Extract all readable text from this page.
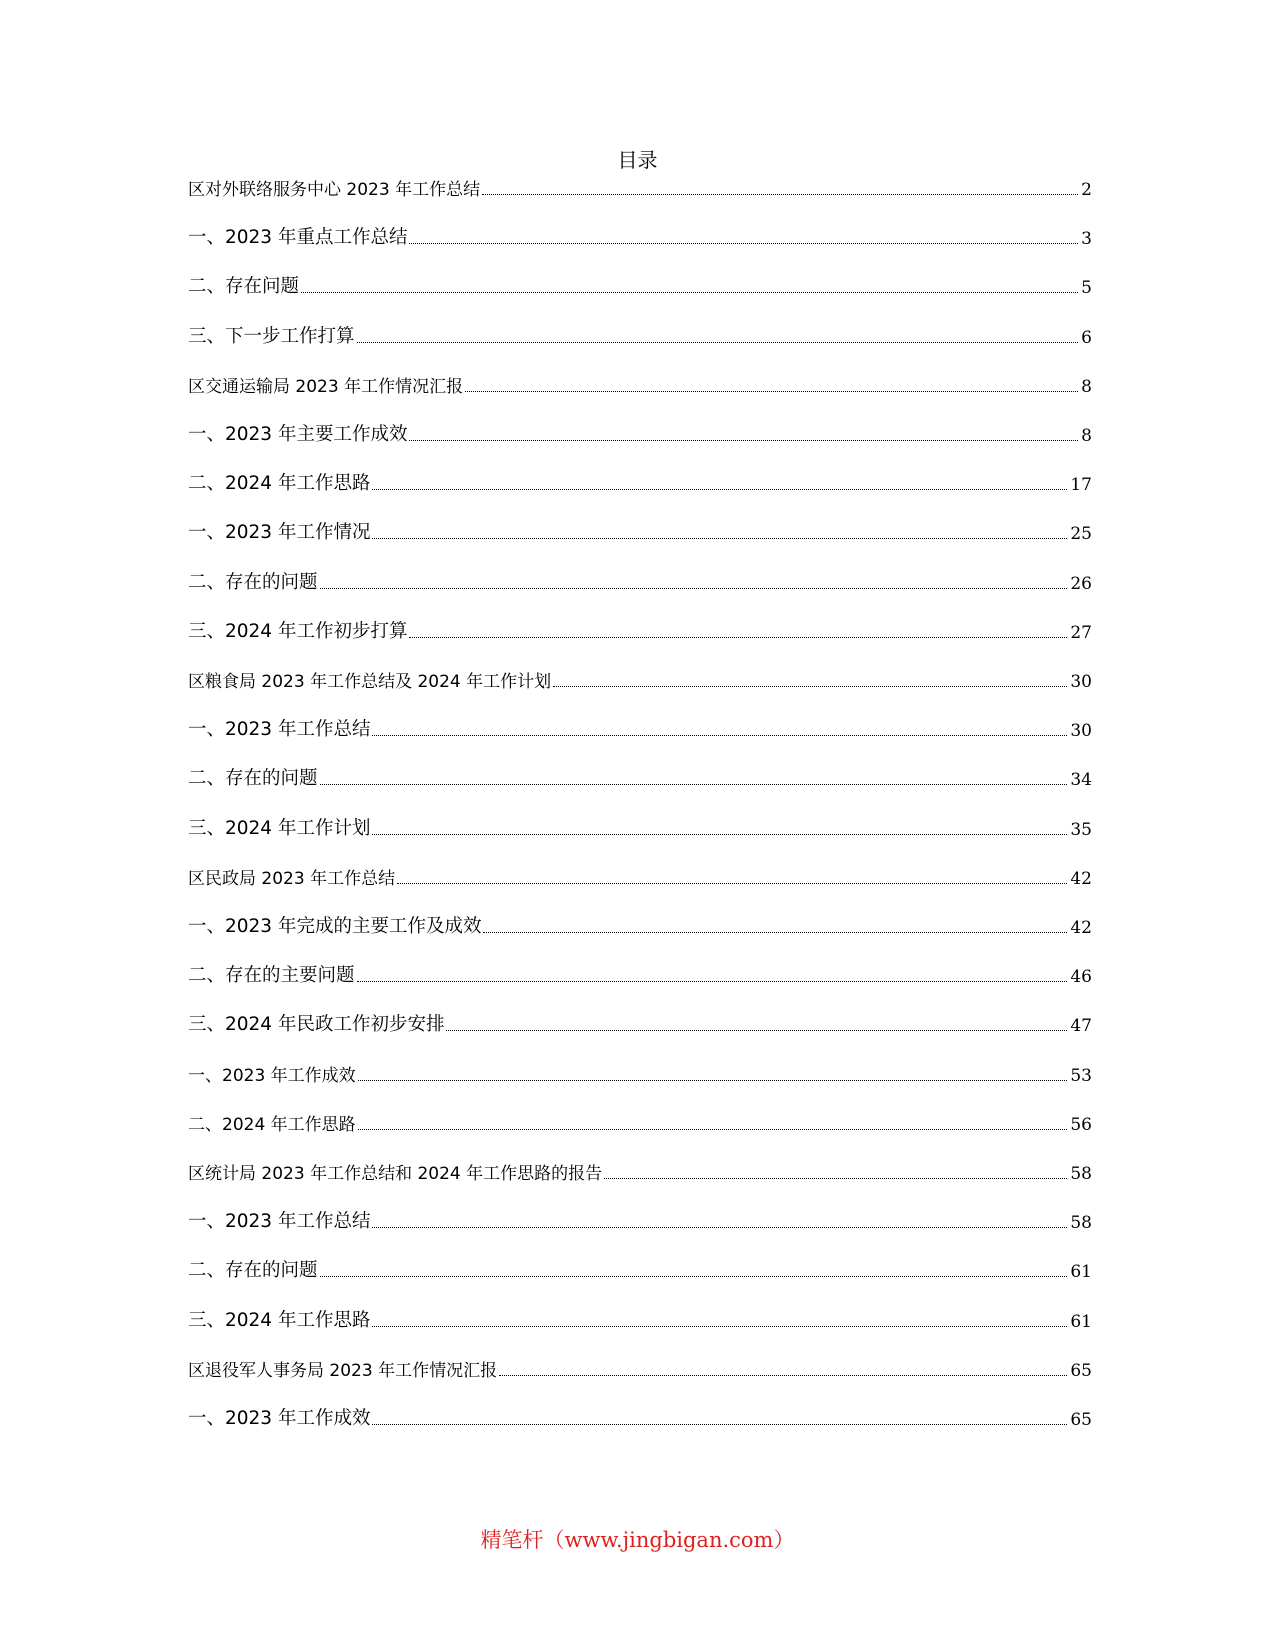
目录
区对外联络服务中心 2023 年工作总结	2
一、2023 年重点工作总结	3
二、存在问题	5
三、下一步工作打算	6
区交通运输局 2023 年工作情况汇报	8
一、2023 年主要工作成效	8
二、2024 年工作思路	17
一、2023 年工作情况	25
二、存在的问题	26
三、2024 年工作初步打算	27
区粮食局 2023 年工作总结及 2024 年工作计划	30
一、2023 年工作总结	30
二、存在的问题	34
三、2024 年工作计划	35
区民政局 2023 年工作总结	42
一、2023 年完成的主要工作及成效	42
二、存在的主要问题	46
三、2024 年民政工作初步安排	47
一、2023 年工作成效	53
二、2024 年工作思路	56
区统计局 2023 年工作总结和 2024 年工作思路的报告	58
一、2023 年工作总结	58
二、存在的问题	61
三、2024 年工作思路	61
区退役军人事务局 2023 年工作情况汇报	65
一、2023 年工作成效	65
精笔杆（www.jingbigan.com）
